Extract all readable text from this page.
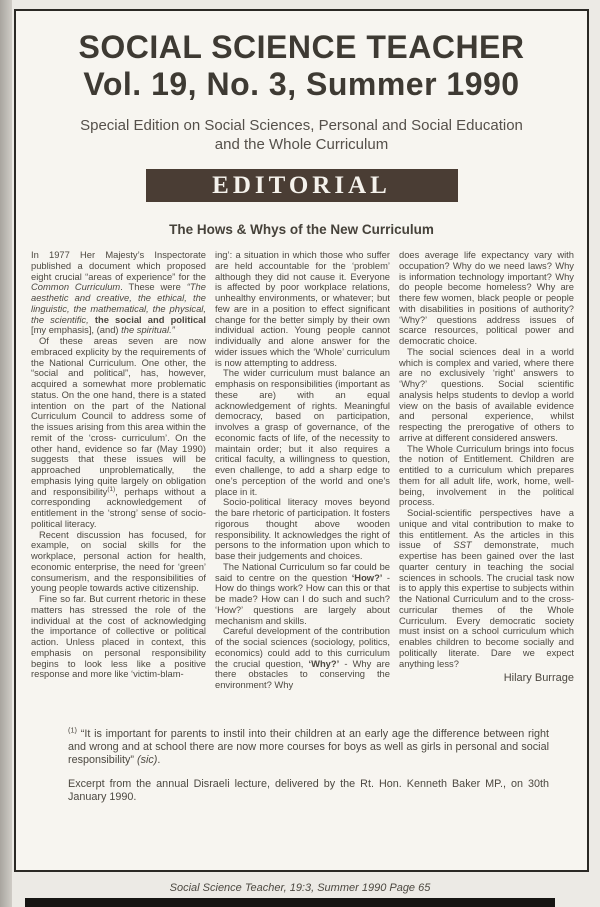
SOCIAL SCIENCE TEACHER
Vol. 19, No. 3, Summer 1990
Special Edition on Social Sciences, Personal and Social Education
and the Whole Curriculum
EDITORIAL
The Hows & Whys of the New Curriculum

In 1977 Her Majesty’s Inspectorate published a document which proposed eight crucial “areas of experience” for the Common Curriculum. These were “The aesthetic and creative, the ethical, the linguistic, the mathematical, the physical, the scientific, the social and political [my emphasis], (and) the spiritual.”

Of these areas seven are now embraced explicity by the requirements of the National Curriculum. One other, the “social and political”, has, however, acquired a somewhat more problematic status. On the one hand, there is a stated intention on the part of the National Curriculum Council to address some of the issues arising from this area within the remit of the ‘cross- curriculum’. On the other hand, evidence so far (May 1990) suggests that these issues will be approached unproblematically, the emphasis lying quite largely on obligation and responsibility$^{(1)}$, perhaps without a corresponding acknowledgement of entitlement in the ‘strong’ sense of socio-political literacy.

Recent discussion has focused, for example, on social skills for the workplace, personal action for health, economic enterprise, the need for ‘green’ consumerism, and the responsibilities of young people towards active citizenship.

Fine so far. But current rhetoric in these matters has stressed the role of the individual at the cost of acknowledging the importance of collective or political action. Unless placed in context, this emphasis on personal responsibility begins to look less like a positive response and more like ‘victim-blam-

ing’: a situation in which those who suffer are held accountable for the ‘problem’ although they did not cause it. Everyone is affected by poor workplace relations, unhealthy environments, or whatever; but few are in a position to effect significant change for the better simply by their own individual action. Young people cannot individually and alone answer for the wider issues which the ‘Whole’ curriculum is now attempting to address.

The wider curriculum must balance an emphasis on responsibilities (important as these are) with an equal acknowledgement of rights. Meaningful democracy, based on participation, involves a grasp of governance, of the economic facts of life, of the necessity to maintain order; but it also requires a critical faculty, a willingness to question, even challenge, to add a sharp edge to one’s perception of the world and one’s place in it.

Socio-political literacy moves beyond the bare rhetoric of participation. It fosters rigorous thought above wooden responsibility. It acknowledges the right of persons to the information upon which to base their judgements and choices.

The National Curriculum so far could be said to centre on the question ‘How?’ - How do things work? How can this or that be made? How can I do such and such? ‘How?’ questions are largely about mechanism and skills.

Careful development of the contribution of the social sciences (sociology, politics, economics) could add to this curriculum the crucial question, ‘Why?’ - Why are there obstacles to conserving the environment? Why

does average life expectancy vary with occupation? Why do we need laws? Why is information technology important? Why do people become homeless? Why are there few women, black people or people with disabilities in positions of authority? ‘Why?’ questions address issues of scarce resources, political power and democratic choice.

The social sciences deal in a world which is complex and varied, where there are no exclusively ‘right’ answers to ‘Why?’ questions. Social scientific analysis helps students to devlop a world view on the basis of available evidence and personal experience, whilst respecting the prerogative of others to arrive at different considered answers.

The Whole Curriculum brings into focus the notion of Entitlement. Children are entitled to a curriculum which prepares them for all adult life, work, home, well-being, involvement in the political process.

Social-scientific perspectives have a unique and vital contribution to make to this entitlement. As the articles in this issue of SST demonstrate, much expertise has been gained over the last quarter century in teaching the social sciences in schools. The crucial task now is to apply this expertise to subjects within the National Curriculum and to the cross- curricular themes of the Whole Curriculum. Every democratic society must insist on a school curriculum which enables children to become socially and politically literate. Dare we expect anything less?

Hilary Burrage

$^{(1)}$ “It is important for parents to instil into their children at an early age the difference between right and wrong and at school there are now more courses for boys as well as girls in personal and social responsibility” (sic).

Excerpt from the annual Disraeli lecture, delivered by the Rt. Hon. Kenneth Baker MP., on 30th January 1990.

Social Science Teacher, 19:3, Summer 1990 Page 65
